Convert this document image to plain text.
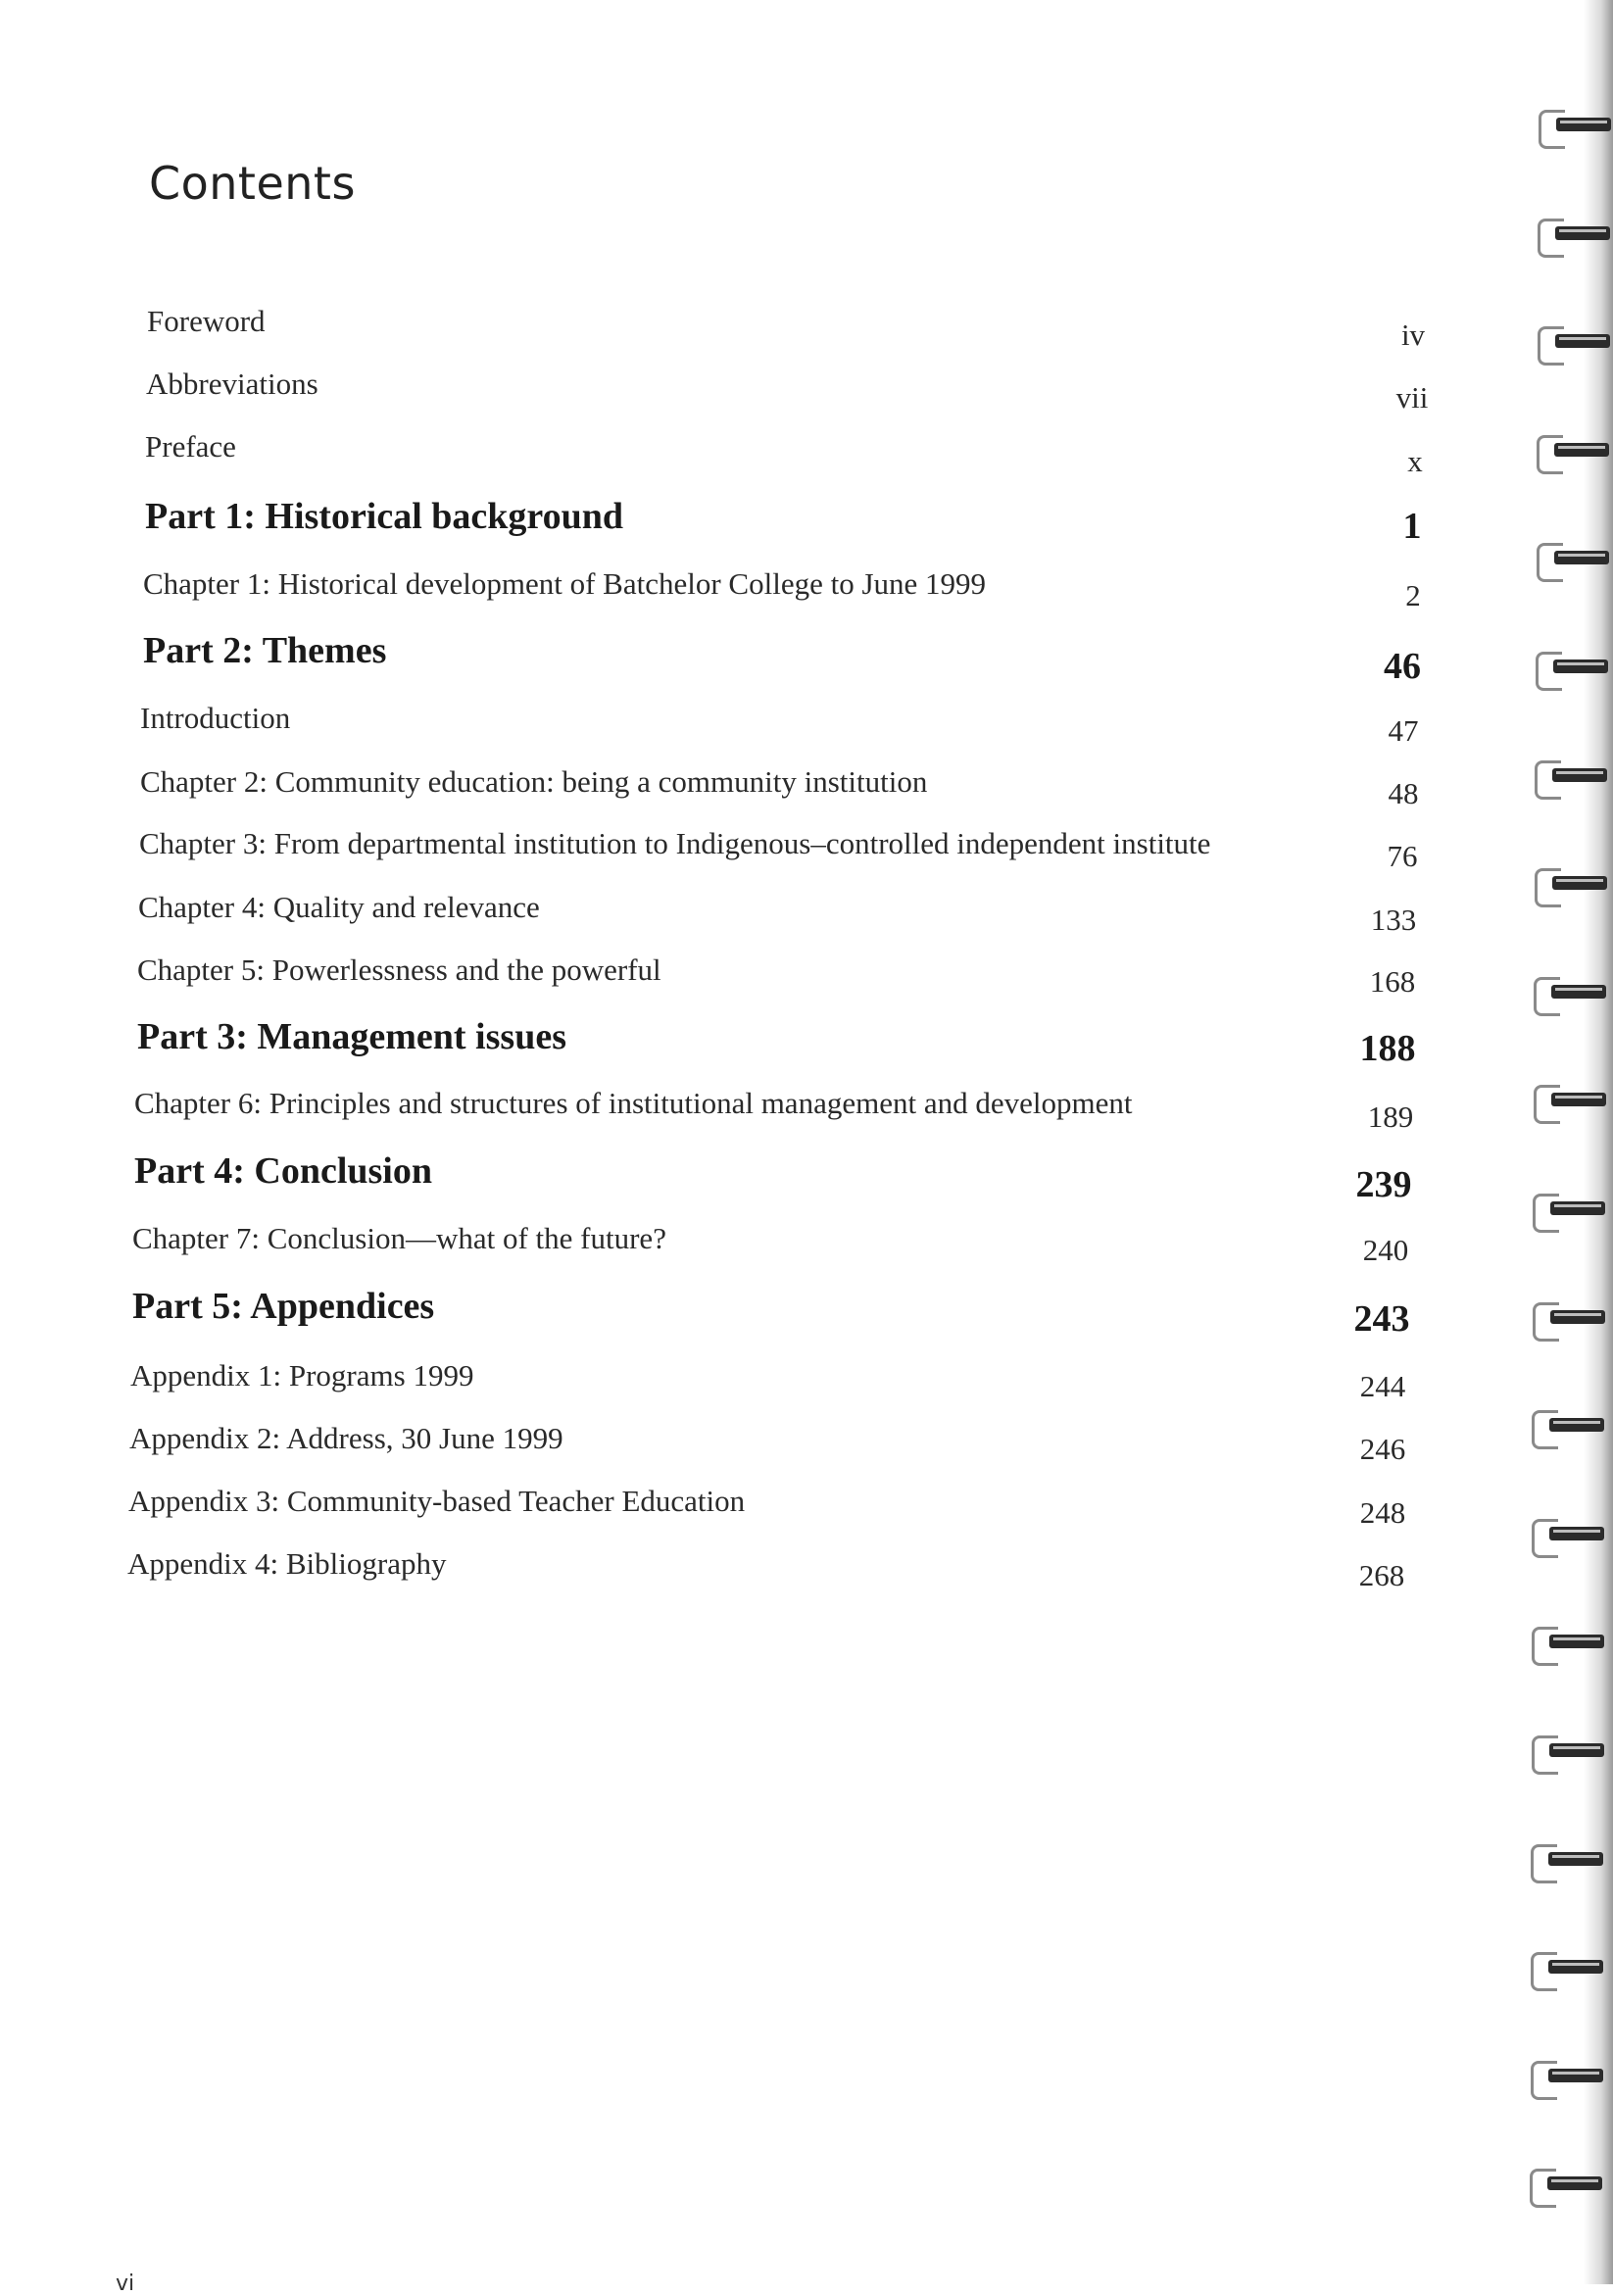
Contents
Foreword	iv
Abbreviations	vii
Preface	x
Part 1: Historical background	1
Chapter 1: Historical development of Batchelor College to June 1999	2
Part 2: Themes	46
Introduction	47
Chapter 2: Community education: being a community institution	48
Chapter 3: From departmental institution to Indigenous–controlled independent institute	76
Chapter 4: Quality and relevance	133
Chapter 5: Powerlessness and the powerful	168
Part 3: Management issues	188
Chapter 6: Principles and structures of institutional management and development	189
Part 4: Conclusion	239
Chapter 7: Conclusion—what of the future?	240
Part 5: Appendices	243
Appendix 1: Programs 1999	244
Appendix 2: Address, 30 June 1999	246
Appendix 3: Community-based Teacher Education	248
Appendix 4: Bibliography	268
vi
